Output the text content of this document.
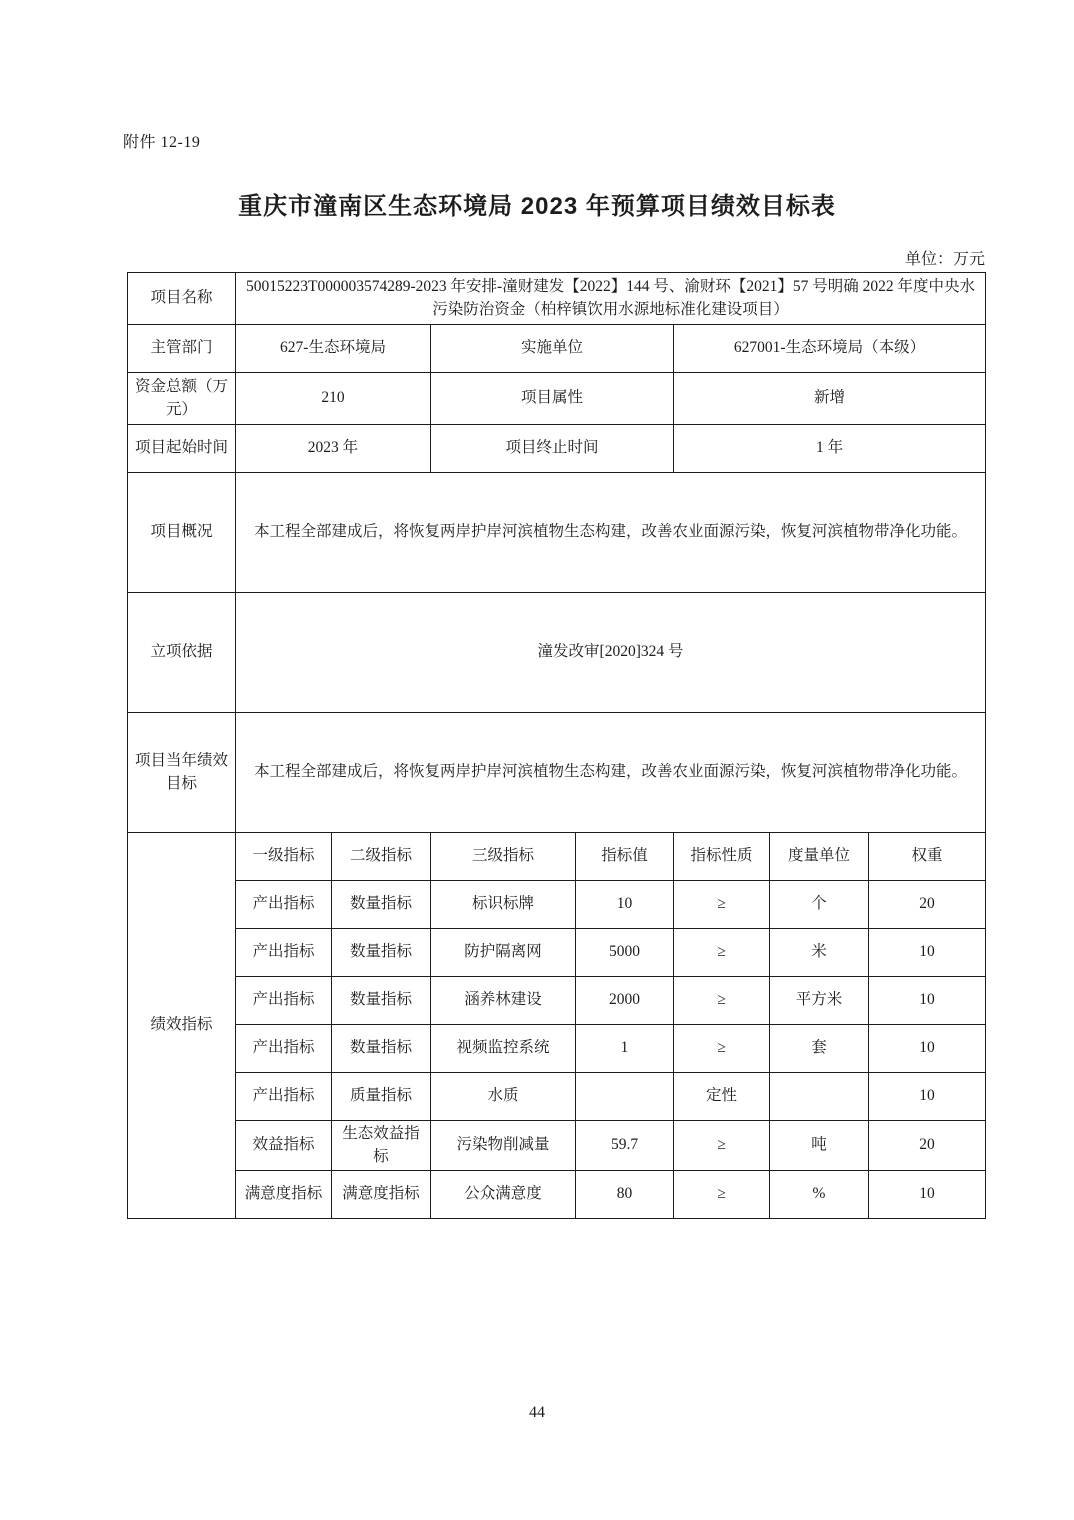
附件 12-19
重庆市潼南区生态环境局 2023 年预算项目绩效目标表
单位：万元
项目名称	50015223T000003574289-2023 年安排-潼财建发【2022】144 号、渝财环【2021】57 号明确 2022 年度中央水污染防治资金（柏梓镇饮用水源地标准化建设项目）						
主管部门	627-生态环境局		实施单位		627001-生态环境局（本级）		
资金总额（万元）	210		项目属性		新增		
项目起始时间	2023 年		项目终止时间		1 年		
项目概况	本工程全部建成后，将恢复两岸护岸河滨植物生态构建，改善农业面源污染，恢复河滨植物带净化功能。						
立项依据	潼发改审[2020]324 号						
项目当年绩效目标	本工程全部建成后，将恢复两岸护岸河滨植物生态构建，改善农业面源污染，恢复河滨植物带净化功能。						
绩效指标	一级指标	二级指标	三级指标	指标值	指标性质	度量单位	权重
	产出指标	数量指标	标识标牌	10	≥	个	20
	产出指标	数量指标	防护隔离网	5000	≥	米	10
	产出指标	数量指标	涵养林建设	2000	≥	平方米	10
	产出指标	数量指标	视频监控系统	1	≥	套	10
	产出指标	质量指标	水质		定性		10
	效益指标	生态效益指标	污染物削减量	59.7	≥	吨	20
	满意度指标	满意度指标	公众满意度	80	≥	%	10
44
